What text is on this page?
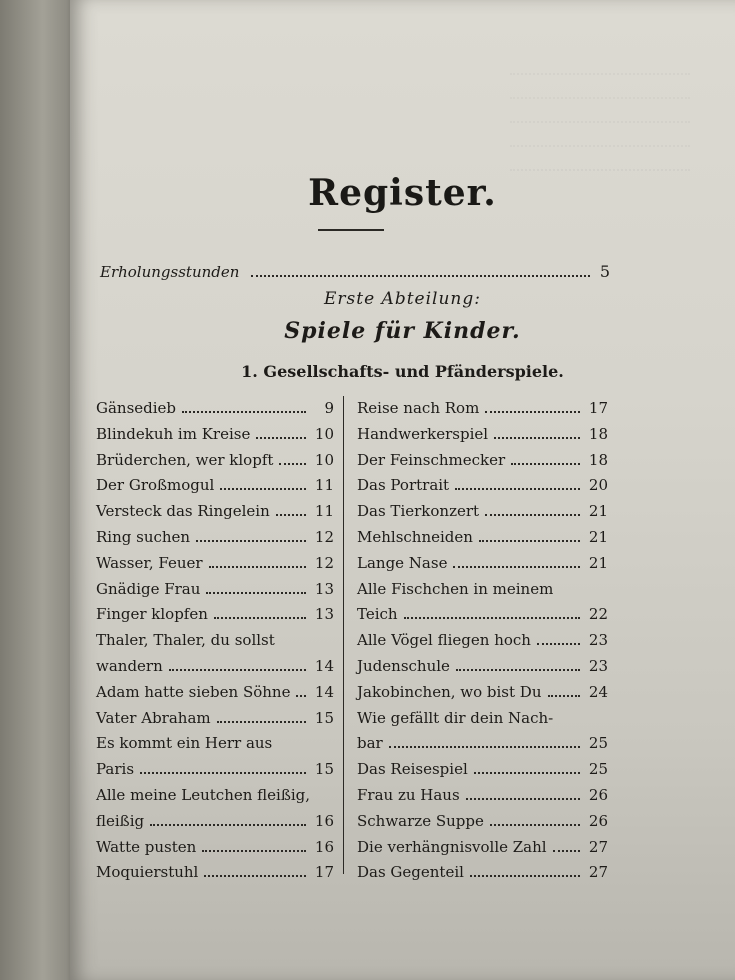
Register.
Erholungsstunden	5
Erste Abteilung:
Spiele für Kinder.
1. Gesellschafts- und Pfänderspiele.
Gänsedieb	9
Blindekuh im Kreise	10
Brüderchen, wer klopft	10
Der Großmogul	11
Versteck das Ringelein	11
Ring suchen	12
Wasser, Feuer	12
Gnädige Frau	13
Finger klopfen	13
Thaler, Thaler, du sollst
wandern	14
Adam hatte sieben Söhne 14
Vater Abraham	15
Es kommt ein Herr aus
Paris	15
Alle meine Leutchen fleißig,
fleißig	16
Watte pusten	16
Moquierstuhl	17
Reise nach Rom	17
Handwerkerspiel	18
Der Feinschmecker	18
Das Portrait	20
Das Tierkonzert	21
Mehlschneiden	21
Lange Nase	21
Alle Fischchen in meinem
Teich	22
Alle Vögel fliegen hoch	23
Judenschule	23
Jakobinchen, wo bist Du	24
Wie gefällt dir dein Nach-
bar	25
Das Reisespiel	25
Frau zu Haus	26
Schwarze Suppe	26
Die verhängnisvolle Zahl	27
Das Gegenteil	27
